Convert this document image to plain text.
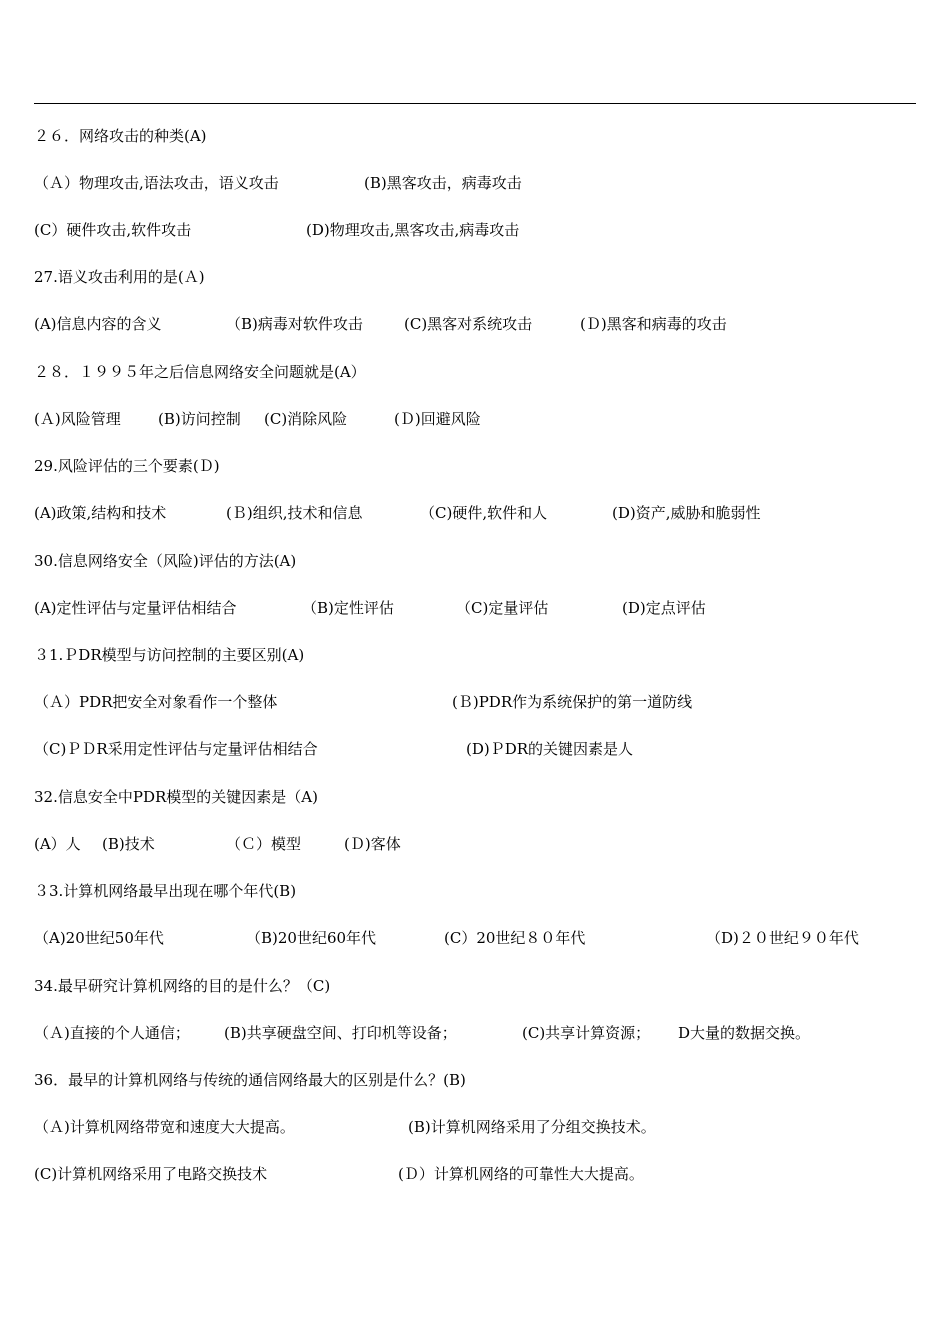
２６．网络攻击的种类(A)

（Ａ）物理攻击,语法攻击，语义攻击

	(B)黑客攻击，病毒攻击

(C）硬件攻击,软件攻击

	(D)物理攻击,黑客攻击,病毒攻击

27.语义攻击利用的是(Ａ)

(A)信息内容的含义

	（B)病毒对软件攻击

	(C)黑客对系统攻击

	(Ｄ)黑客和病毒的攻击

２８．１９９５年之后信息网络安全问题就是(A）

(Ａ)风险管理

(B)访问控制

(C)消除风险

	(Ｄ)回避风险

29.风险评估的三个要素(Ｄ)

(A)政策,结构和技术

	(Ｂ)组织,技术和信息

	（C)硬件,软件和人

	(D)资产,威胁和脆弱性

30.信息网络安全（风险)评估的方法(A)

(A)定性评估与定量评估相结合

	（B)定性评估

	（C)定量评估

	(D)定点评估

３1.ＰDR模型与访问控制的主要区别(A)

（Ａ）PDR把安全对象看作一个整体

	(Ｂ)PDR作为系统保护的第一道防线

（C)ＰＤR采用定性评估与定量评估相结合

	(D)ＰDR的关键因素是人

32.信息安全中PDR模型的关键因素是（A)

(A）人

(B)技术

	（Ｃ）模型

	(Ｄ)客体

３3.计算机网络最早出现在哪个年代(B)

（A)20世纪50年代

	（B)20世纪60年代

	(C）20世纪８０年代

	（D)２０世纪９０年代

34.最早研究计算机网络的目的是什么？（C)

（Ａ)直接的个人通信；

(B)共享硬盘空间、打印机等设备；

	(C)共享计算资源；

D大量的数据交换。

36．最早的计算机网络与传统的通信网络最大的区别是什么？(B)

（Ａ)计算机网络带宽和速度大大提高。

	(B)计算机网络采用了分组交换技术。

(C)计算机网络采用了电路交换技术

	(Ｄ）计算机网络的可靠性大大提高。
